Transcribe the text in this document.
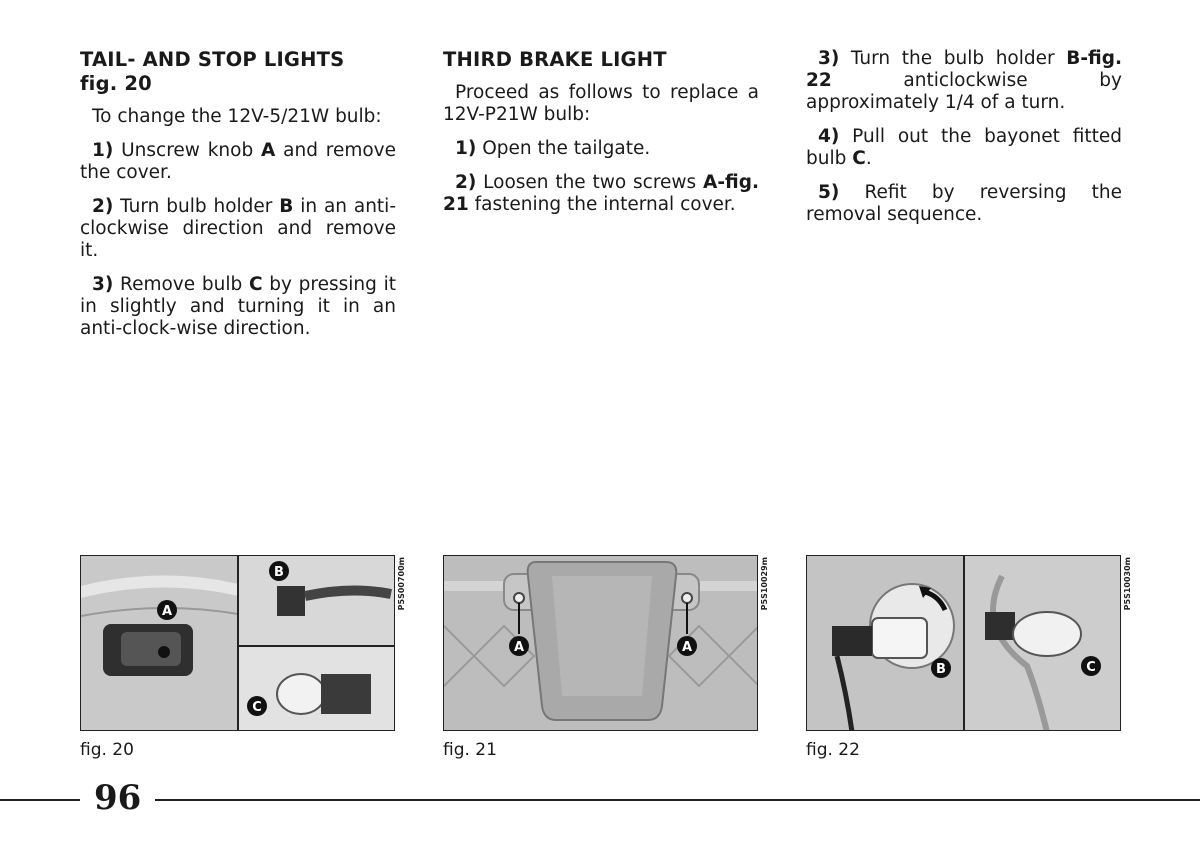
TAIL- AND STOP LIGHTS
fig. 20

To change the 12V-5/21W bulb:

1) Unscrew knob A and remove the cover.

2) Turn bulb holder B in an anti-clockwise direction and remove it.

3) Remove bulb C by pressing it in slightly and turning it in an anti-clock-wise direction.

THIRD BRAKE LIGHT

Proceed as follows to replace a 12V-P21W bulb:

1) Open the tailgate.

2) Loosen the two screws A-fig. 21 fastening the internal cover.

3) Turn the bulb holder B-fig. 22 anticlockwise by approximately 1/4 of a turn.

4) Pull out the bayonet fitted bulb C.

5) Refit by reversing the removal sequence.

A
B
C
P5S00700m
fig. 20
A	A
P5S10029m
fig. 21
B	C
P5S10030m
fig. 22
96
